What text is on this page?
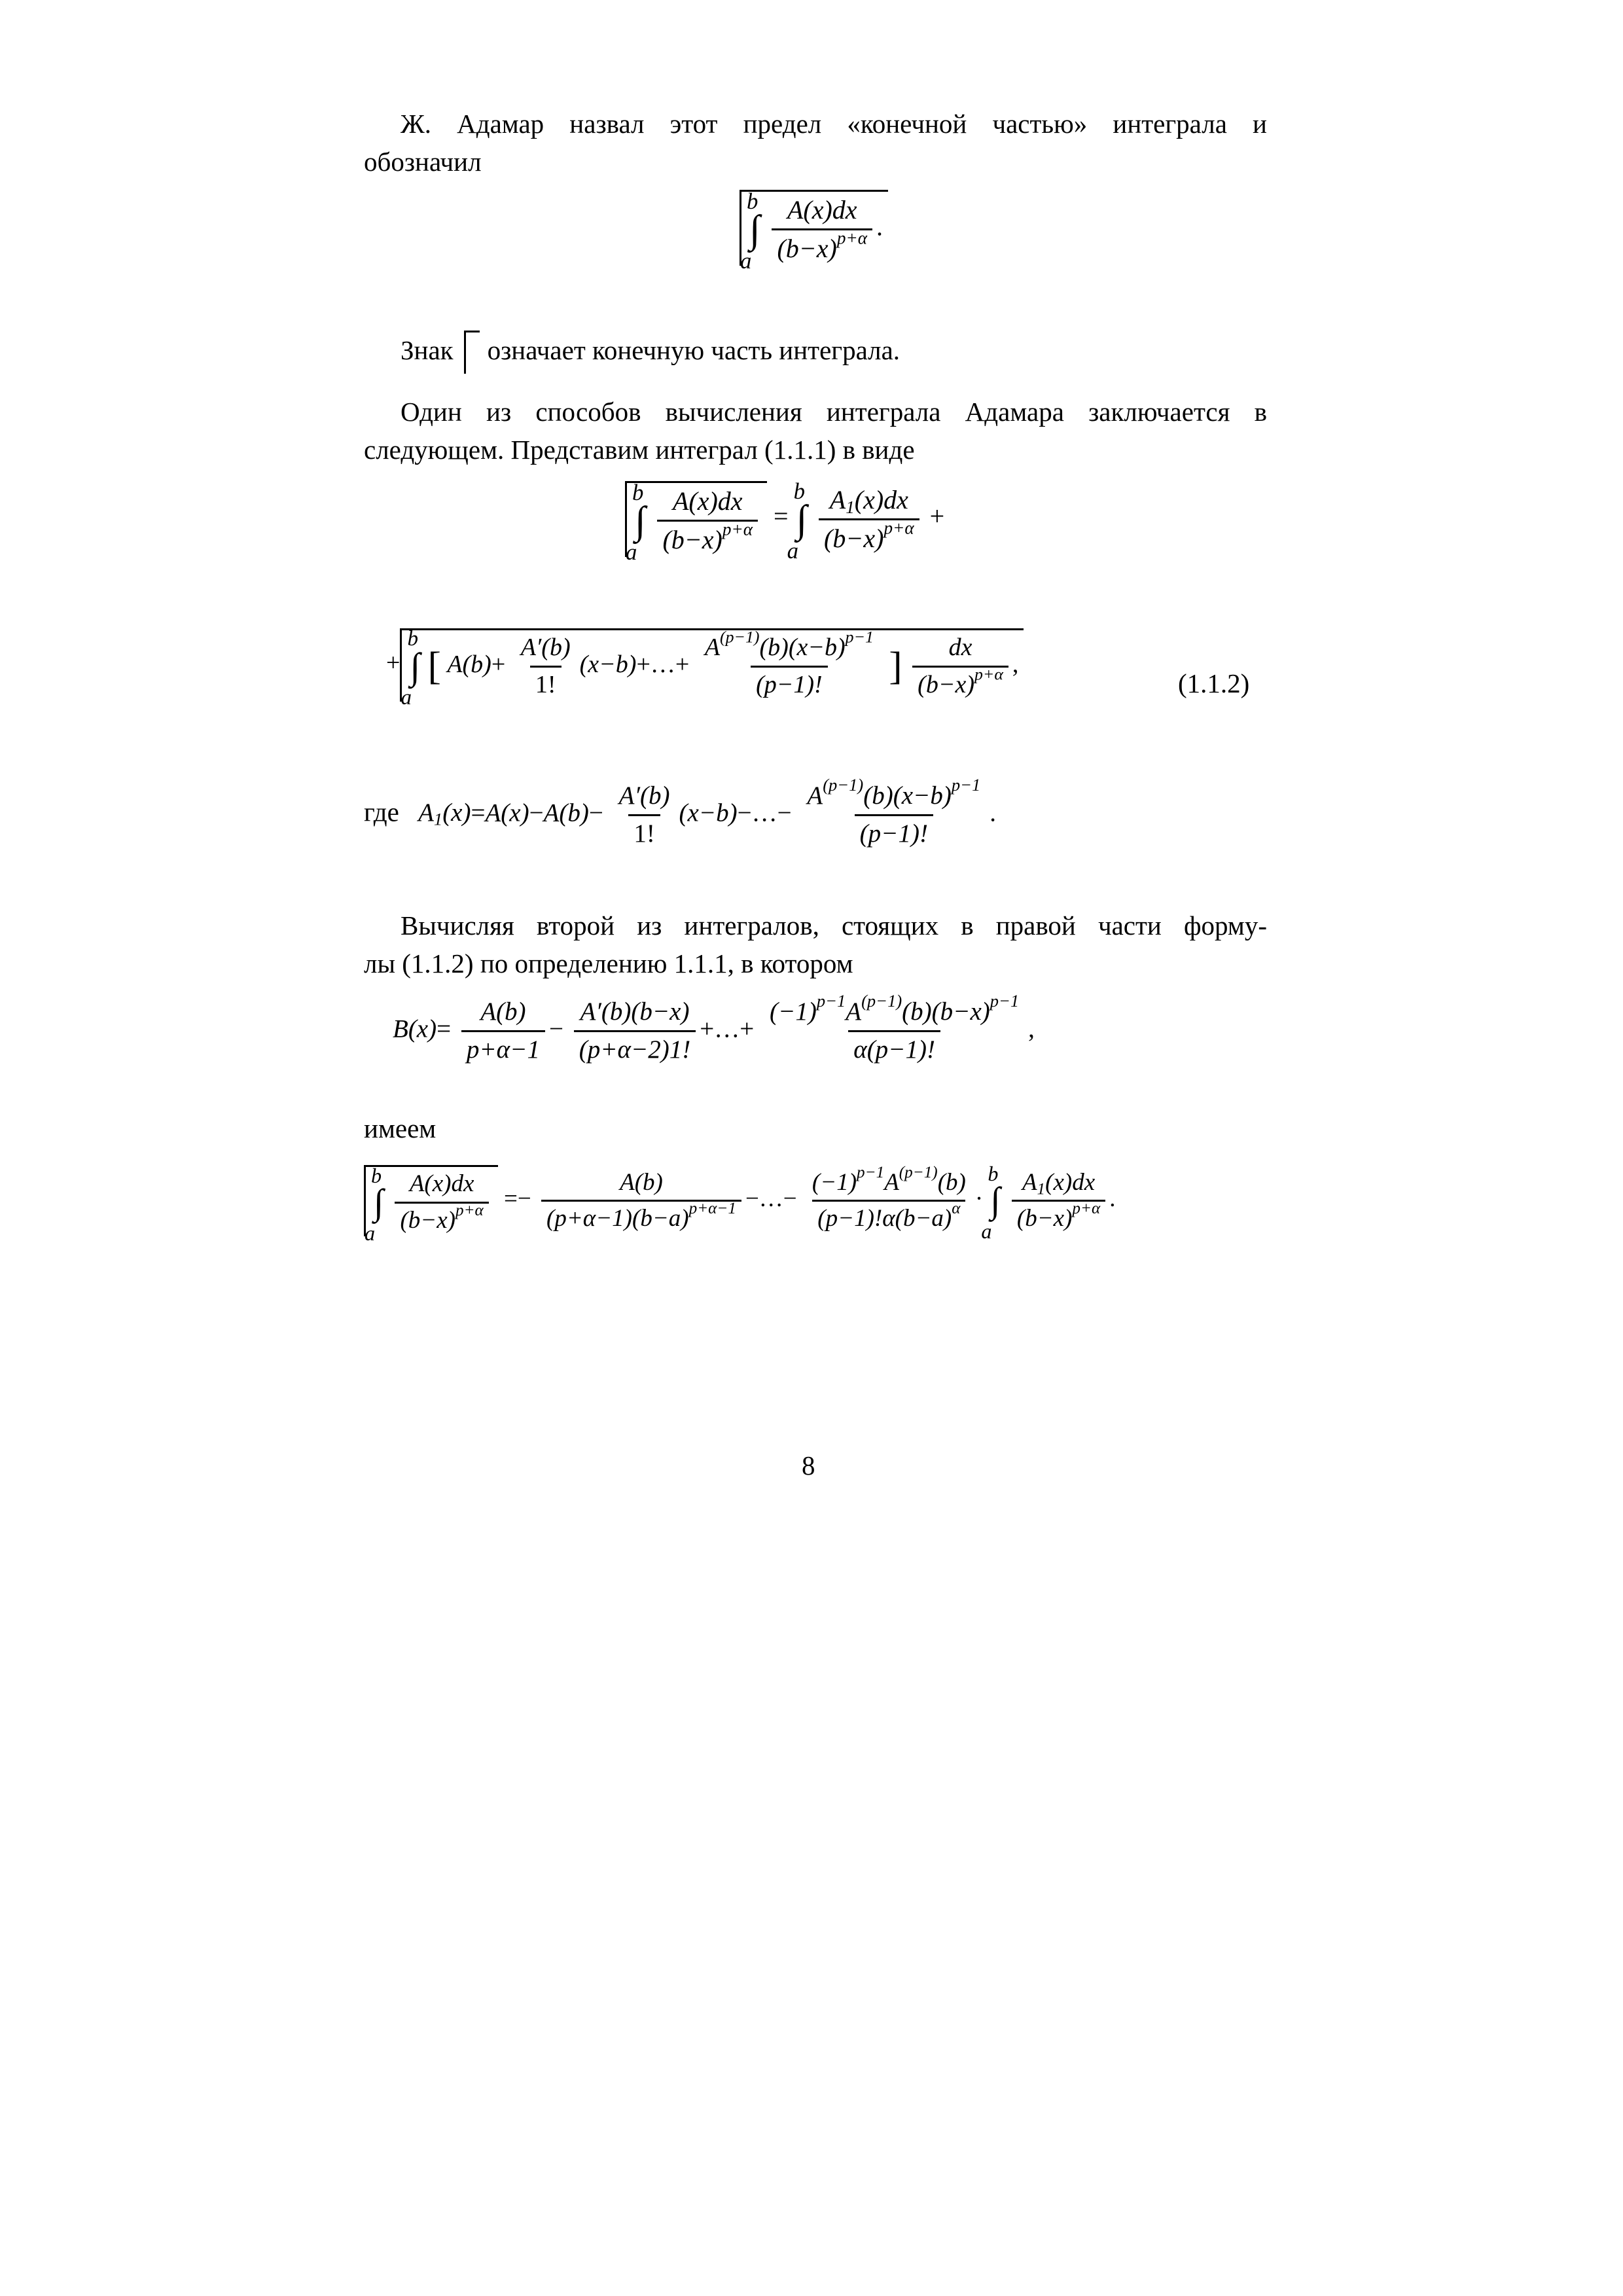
Ж. Адамар назвал этот предел «конечной частью» интеграла и

обозначил

∫
b
a
$\frac{A(x)dx}{(b-x)^{p+\alpha}}$ .

Знак означает конечную часть интеграла.

Один из способов вычисления интеграла Адамара заключается в

следующем. Представим интеграл (1.1.1) в виде

∫
b
a
$\frac{A(x)dx}{(b-x)^{p+\alpha}}$ = ∫
b
a
$\frac{A_1(x)dx}{(b-x)^{p+\alpha}}$ +
+ ∫
b
a
[ $A(b)+ \frac{A'(b)}{1!}$ (x−b)+…+ $\frac{A^{(p-1)}(b)(x-b)^{p-1}}{(p-1)!}$ ] $\frac{dx}{(b-x)^{p+\alpha}}$ ,
(1.1.2)
где $A_1(x)=A(x)-A(b)- \frac{A'(b)}{1!}$ (x−b)−…− $\frac{A^{(p-1)}(b)(x-b)^{p-1}}{(p-1)!}$ .

Вычисляя второй из интегралов, стоящих в правой части форму-

лы (1.1.2) по определению 1.1.1, в котором

$B(x)= \frac{A(b)}{p+\alpha-1} - \frac{A'(b)(b-x)}{(p+\alpha-2)1!}$ +…+ $\frac{(-1)^{p-1}A^{(p-1)}(b)(b-x)^{p-1}}{\alpha(p-1)!}$ ,

имеем

∫
b
a
$\frac{A(x)dx}{(b-x)^{p+\alpha}} =- \frac{A(b)}{(p+\alpha-1)(b-a)^{p+\alpha-1}}$ −…− $\frac{(-1)^{p-1}A^{(p-1)}(b)}{(p-1)!\alpha(b-a)^\alpha}$ · ∫
b
a
$\frac{A_1(x)dx}{(b-x)^{p+\alpha}}$ .
8
